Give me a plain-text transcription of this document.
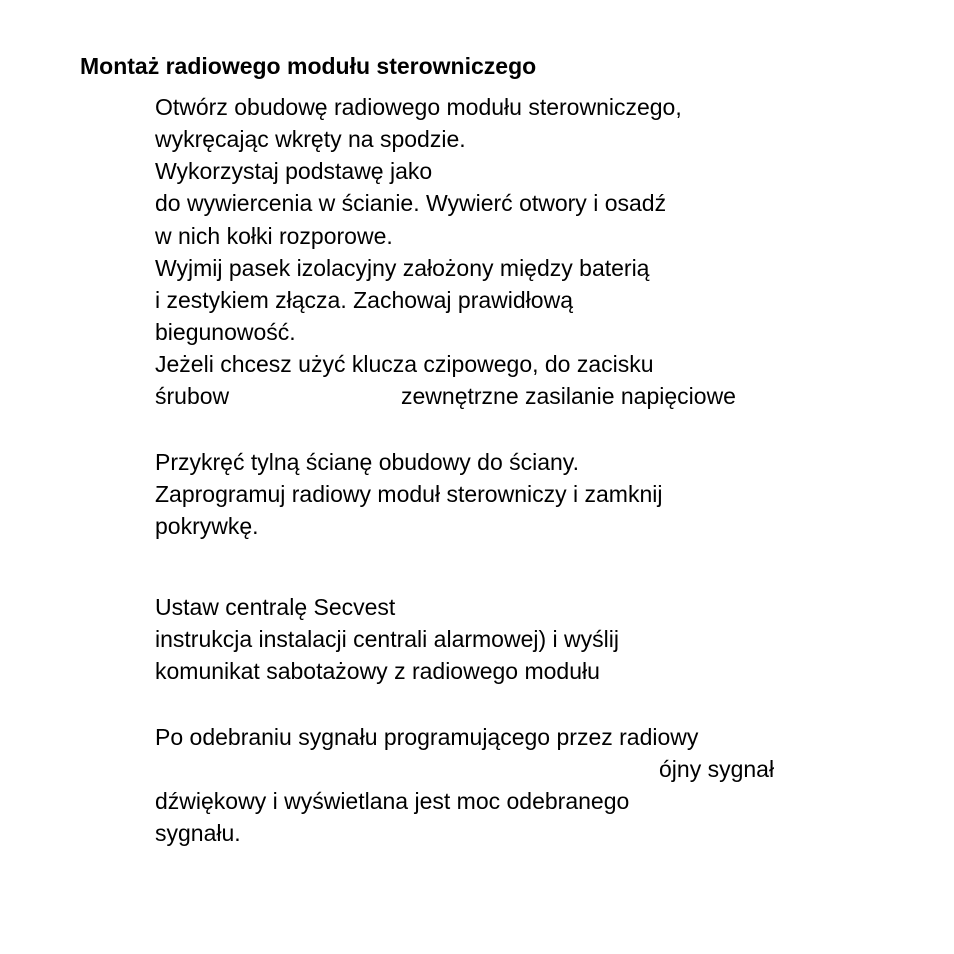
Montaż radiowego modułu sterowniczego
Otwórz obudowę radiowego modułu sterowniczego,
wykręcając wkręty na spodzie.
Wykorzystaj podstawę jako
do wywiercenia w ścianie. Wywierć otwory i osadź
w nich kołki rozporowe.
Wyjmij pasek izolacyjny założony między baterią
i zestykiem złącza. Zachowaj prawidłową
biegunowość.
Jeżeli chcesz użyć klucza czipowego, do zacisku
śrubow	zewnętrzne zasilanie napięciowe
Przykręć tylną ścianę obudowy do ściany.
Zaprogramuj radiowy moduł sterowniczy i zamknij
pokrywkę.
Ustaw centralę Secvest
instrukcja instalacji centrali alarmowej) i wyślij
komunikat sabotażowy z radiowego modułu
Po odebraniu sygnału programującego przez radiowy
ójny sygnał
dźwiękowy i wyświetlana jest moc odebranego
sygnału.
